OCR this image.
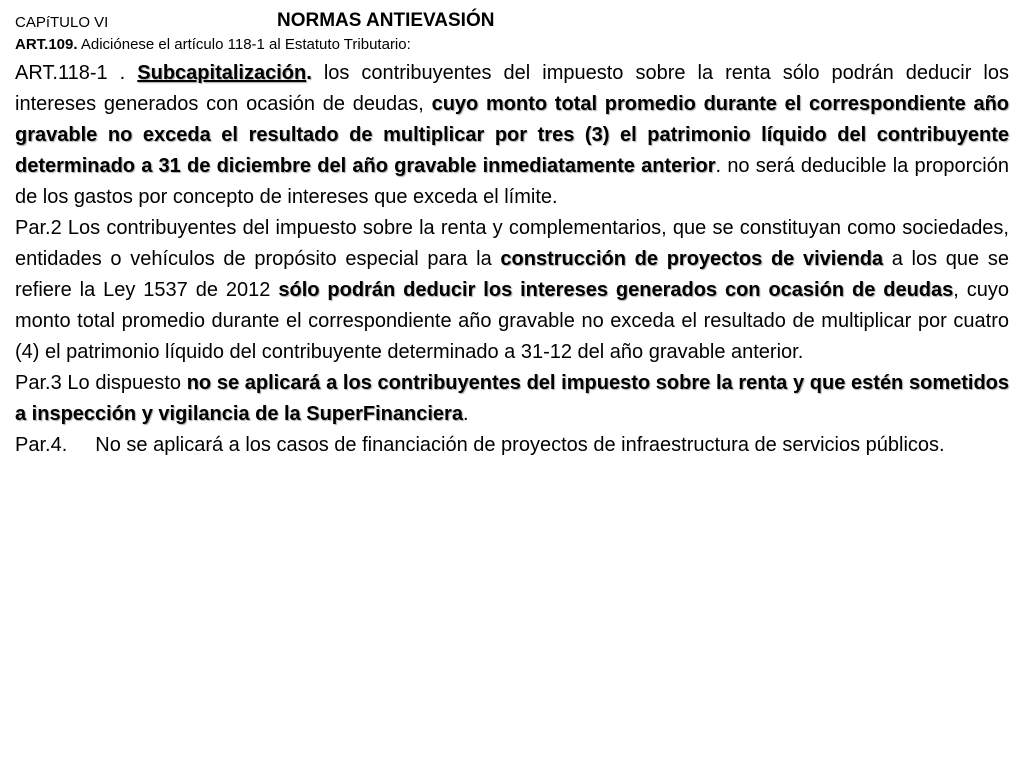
CAPíTULO VI	NORMAS ANTIEVASIÓN

ART.109. Adiciónese el artículo 118-1 al Estatuto Tributario:

ART.118-1 . Subcapitalización. los contribuyentes del impuesto sobre la renta sólo podrán deducir los intereses generados con ocasión de deudas, cuyo monto total promedio durante el correspondiente año gravable no exceda el resultado de multiplicar por tres (3) el patrimonio líquido del contribuyente determinado a 31 de diciembre del año gravable inmediatamente anterior. no será deducible la proporción de los gastos por concepto de intereses que exceda el límite.

Par.2 Los contribuyentes del impuesto sobre la renta y complementarios, que se constituyan como sociedades, entidades o vehículos de propósito especial para la construcción de proyectos de vivienda a los que se refiere la Ley 1537 de 2012 sólo podrán deducir los intereses generados con ocasión de deudas, cuyo monto total promedio durante el correspondiente año gravable no exceda el resultado de multiplicar por cuatro (4) el patrimonio líquido del contribuyente determinado a 31-12 del año gravable anterior.

Par.3 Lo dispuesto no se aplicará a los contribuyentes del impuesto sobre la renta y que estén sometidos a inspección y vigilancia de la SuperFinanciera.

Par.4. No se aplicará a los casos de financiación de proyectos de infraestructura de servicios públicos.
